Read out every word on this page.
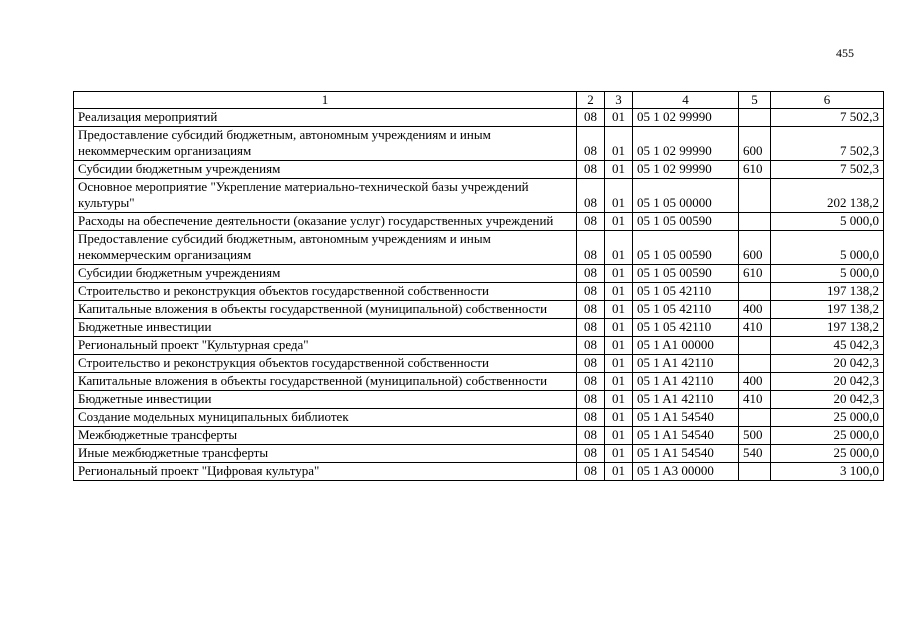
455
1	2	3	4	5	6
Реализация мероприятий	08	01	05 1 02 99990		7 502,3
Предоставление субсидий бюджетным, автономным учреждениям и иным некоммерческим организациям	08	01	05 1 02 99990	600	7 502,3
Субсидии бюджетным учреждениям	08	01	05 1 02 99990	610	7 502,3
Основное мероприятие "Укрепление материально-технической базы учреждений культуры"	08	01	05 1 05 00000		202 138,2
Расходы на обеспечение деятельности (оказание услуг) государственных учреждений	08	01	05 1 05 00590		5 000,0
Предоставление субсидий бюджетным, автономным учреждениям и иным некоммерческим организациям	08	01	05 1 05 00590	600	5 000,0
Субсидии бюджетным учреждениям	08	01	05 1 05 00590	610	5 000,0
Строительство и реконструкция объектов государственной собственности	08	01	05 1 05 42110		197 138,2
Капитальные вложения в объекты государственной (муниципальной) собственности	08	01	05 1 05 42110	400	197 138,2
Бюджетные инвестиции	08	01	05 1 05 42110	410	197 138,2
Региональный проект "Культурная среда"	08	01	05 1 A1 00000		45 042,3
Строительство и реконструкция объектов государственной собственности	08	01	05 1 A1 42110		20 042,3
Капитальные вложения в объекты государственной (муниципальной) собственности	08	01	05 1 A1 42110	400	20 042,3
Бюджетные инвестиции	08	01	05 1 A1 42110	410	20 042,3
Создание модельных муниципальных библиотек	08	01	05 1 A1 54540		25 000,0
Межбюджетные трансферты	08	01	05 1 A1 54540	500	25 000,0
Иные межбюджетные трансферты	08	01	05 1 A1 54540	540	25 000,0
Региональный проект "Цифровая культура"	08	01	05 1 A3 00000		3 100,0
